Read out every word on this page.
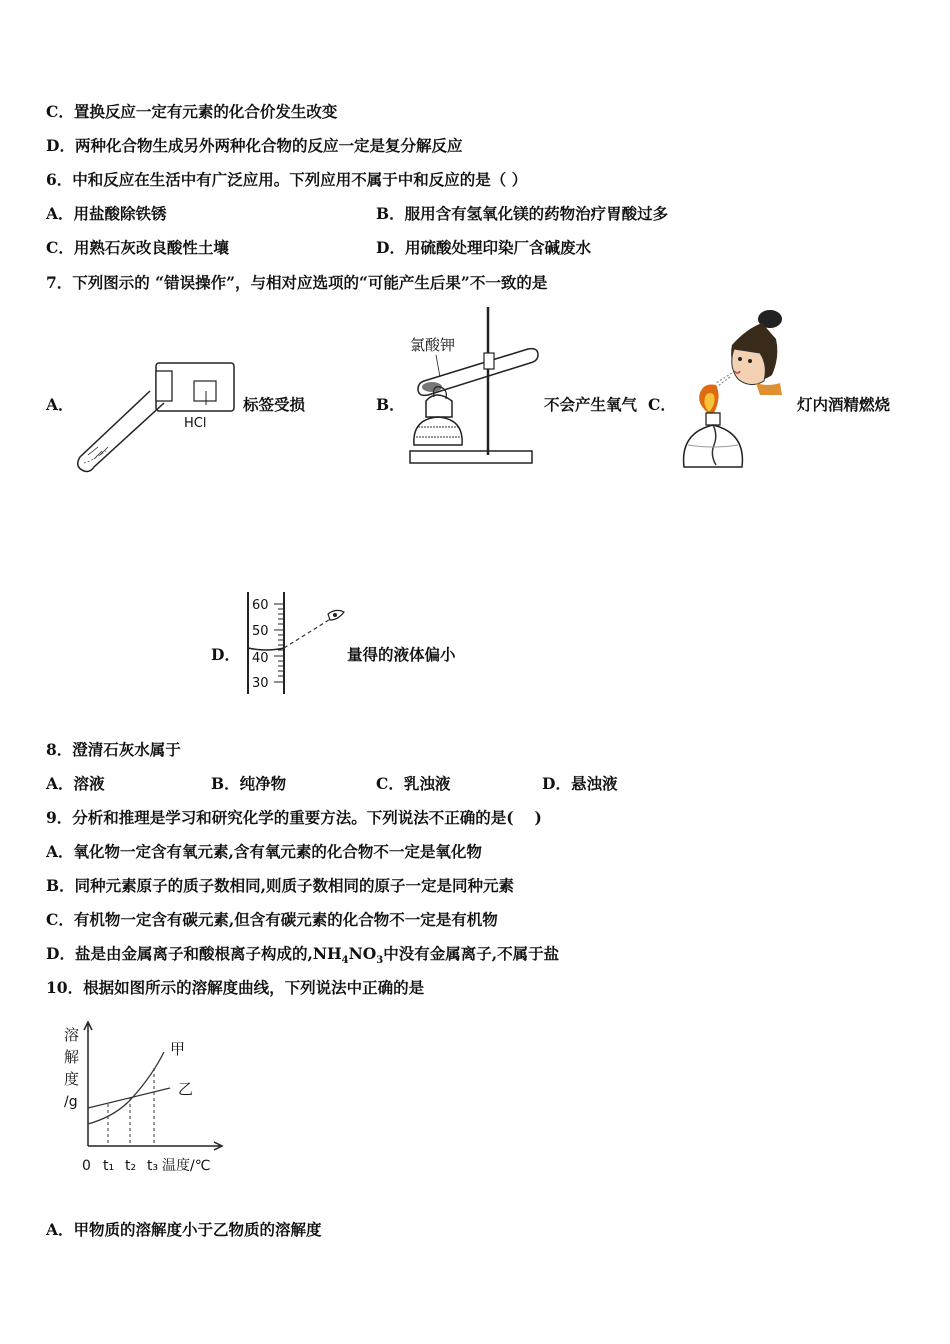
C．置换反应一定有元素的化合价发生改变
D．两种化合物生成另外两种化合物的反应一定是复分解反应
6．中和反应在生活中有广泛应用。下列应用不属于中和反应的是（ ）
A．用盐酸除铁锈	B．服用含有氢氧化镁的药物治疗胃酸过多
C．用熟石灰改良酸性土壤	D．用硫酸处理印染厂含碱废水
7．下列图示的 “错误操作”，与相对应选项的“可能产生后果”不一致的是
A．
HCl
标签受损	B．
氯酸钾
不会产生氧气 C．	灯内酒精燃烧
D．
60
50
40
30
量得的液体偏小
8．澄清石灰水属于
A．溶液	B．纯净物	C．乳浊液	D．悬浊液
9．分析和推理是学习和研究化学的重要方法。下列说法不正确的是(　 )
A．氧化物一定含有氧元素,含有氧元素的化合物不一定是氧化物
B．同种元素原子的质子数相同,则质子数相同的原子一定是同种元素
C．有机物一定含有碳元素,但含有碳元素的化合物不一定是有机物
D．盐是由金属离子和酸根离子构成的$,NH_4NO_3$中没有金属离子,不属于盐
10．根据如图所示的溶解度曲线，下列说法中正确的是
溶
解
度
/g
甲
乙
0 t₁ t₂ t₃ 温度/℃
A．甲物质的溶解度小于乙物质的溶解度
